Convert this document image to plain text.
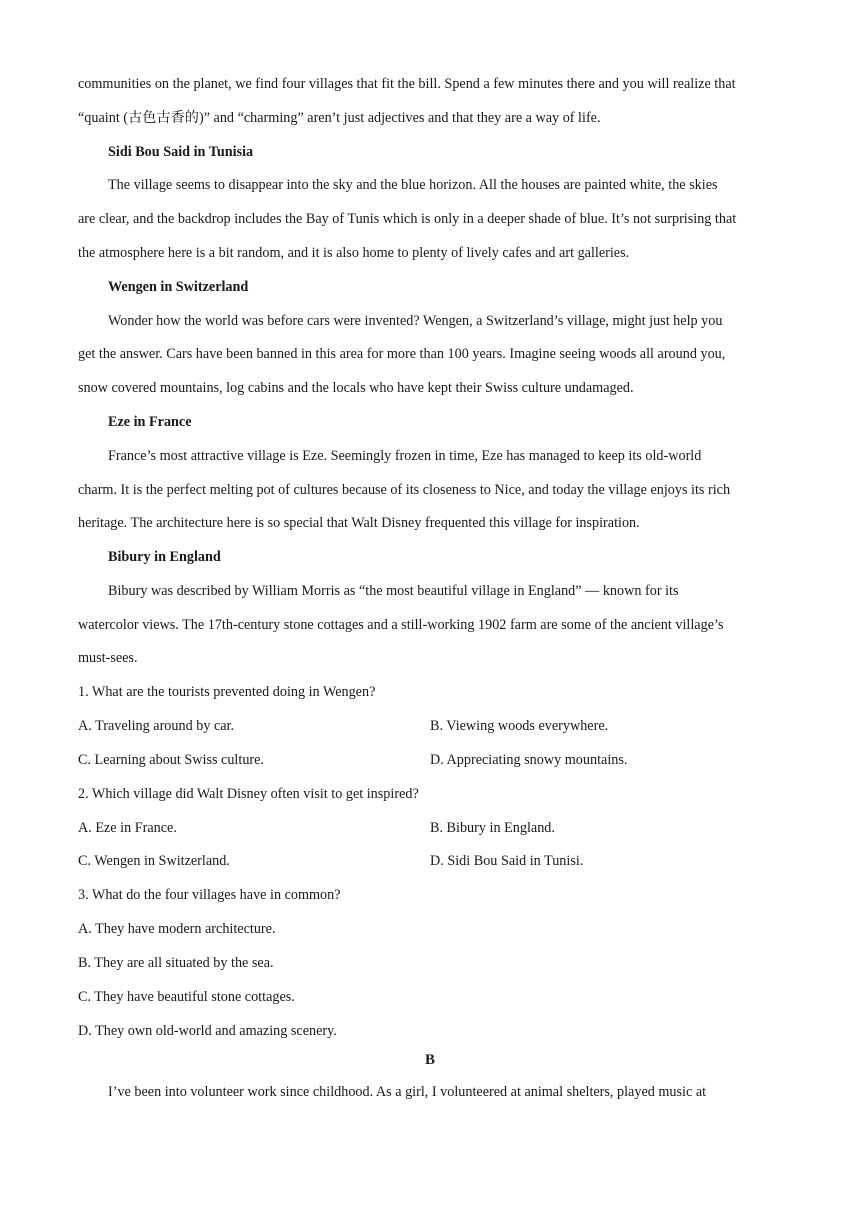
communities on the planet, we find four villages that fit the bill. Spend a few minutes there and you will realize that
“quaint (古色古香的)” and “charming” aren’t just adjectives and that they are a way of life.
Sidi Bou Said in Tunisia
The village seems to disappear into the sky and the blue horizon. All the houses are painted white, the skies
are clear, and the backdrop includes the Bay of Tunis which is only in a deeper shade of blue. It’s not surprising that
the atmosphere here is a bit random, and it is also home to plenty of lively cafes and art galleries.
Wengen in Switzerland
Wonder how the world was before cars were invented? Wengen, a Switzerland’s village, might just help you
get the answer. Cars have been banned in this area for more than 100 years. Imagine seeing woods all around you,
snow covered mountains, log cabins and the locals who have kept their Swiss culture undamaged.
Eze in France
France’s most attractive village is Eze. Seemingly frozen in time, Eze has managed to keep its old-world
charm. It is the perfect melting pot of cultures because of its closeness to Nice, and today the village enjoys its rich
heritage. The architecture here is so special that Walt Disney frequented this village for inspiration.
Bibury in England
Bibury was described by William Morris as “the most beautiful village in England” — known for its
watercolor views. The 17th-century stone cottages and a still-working 1902 farm are some of the ancient village’s
must-sees.
1. What are the tourists prevented doing in Wengen?
A. Traveling around by car.	B. Viewing woods everywhere.
C. Learning about Swiss culture.	D. Appreciating snowy mountains.
2. Which village did Walt Disney often visit to get inspired?
A. Eze in France.	B. Bibury in England.
C. Wengen in Switzerland.	D. Sidi Bou Said in Tunisi.
3. What do the four villages have in common?
A. They have modern architecture.
B. They are all situated by the sea.
C. They have beautiful stone cottages.
D. They own old-world and amazing scenery.
B
I’ve been into volunteer work since childhood. As a girl, I volunteered at animal shelters, played music at
